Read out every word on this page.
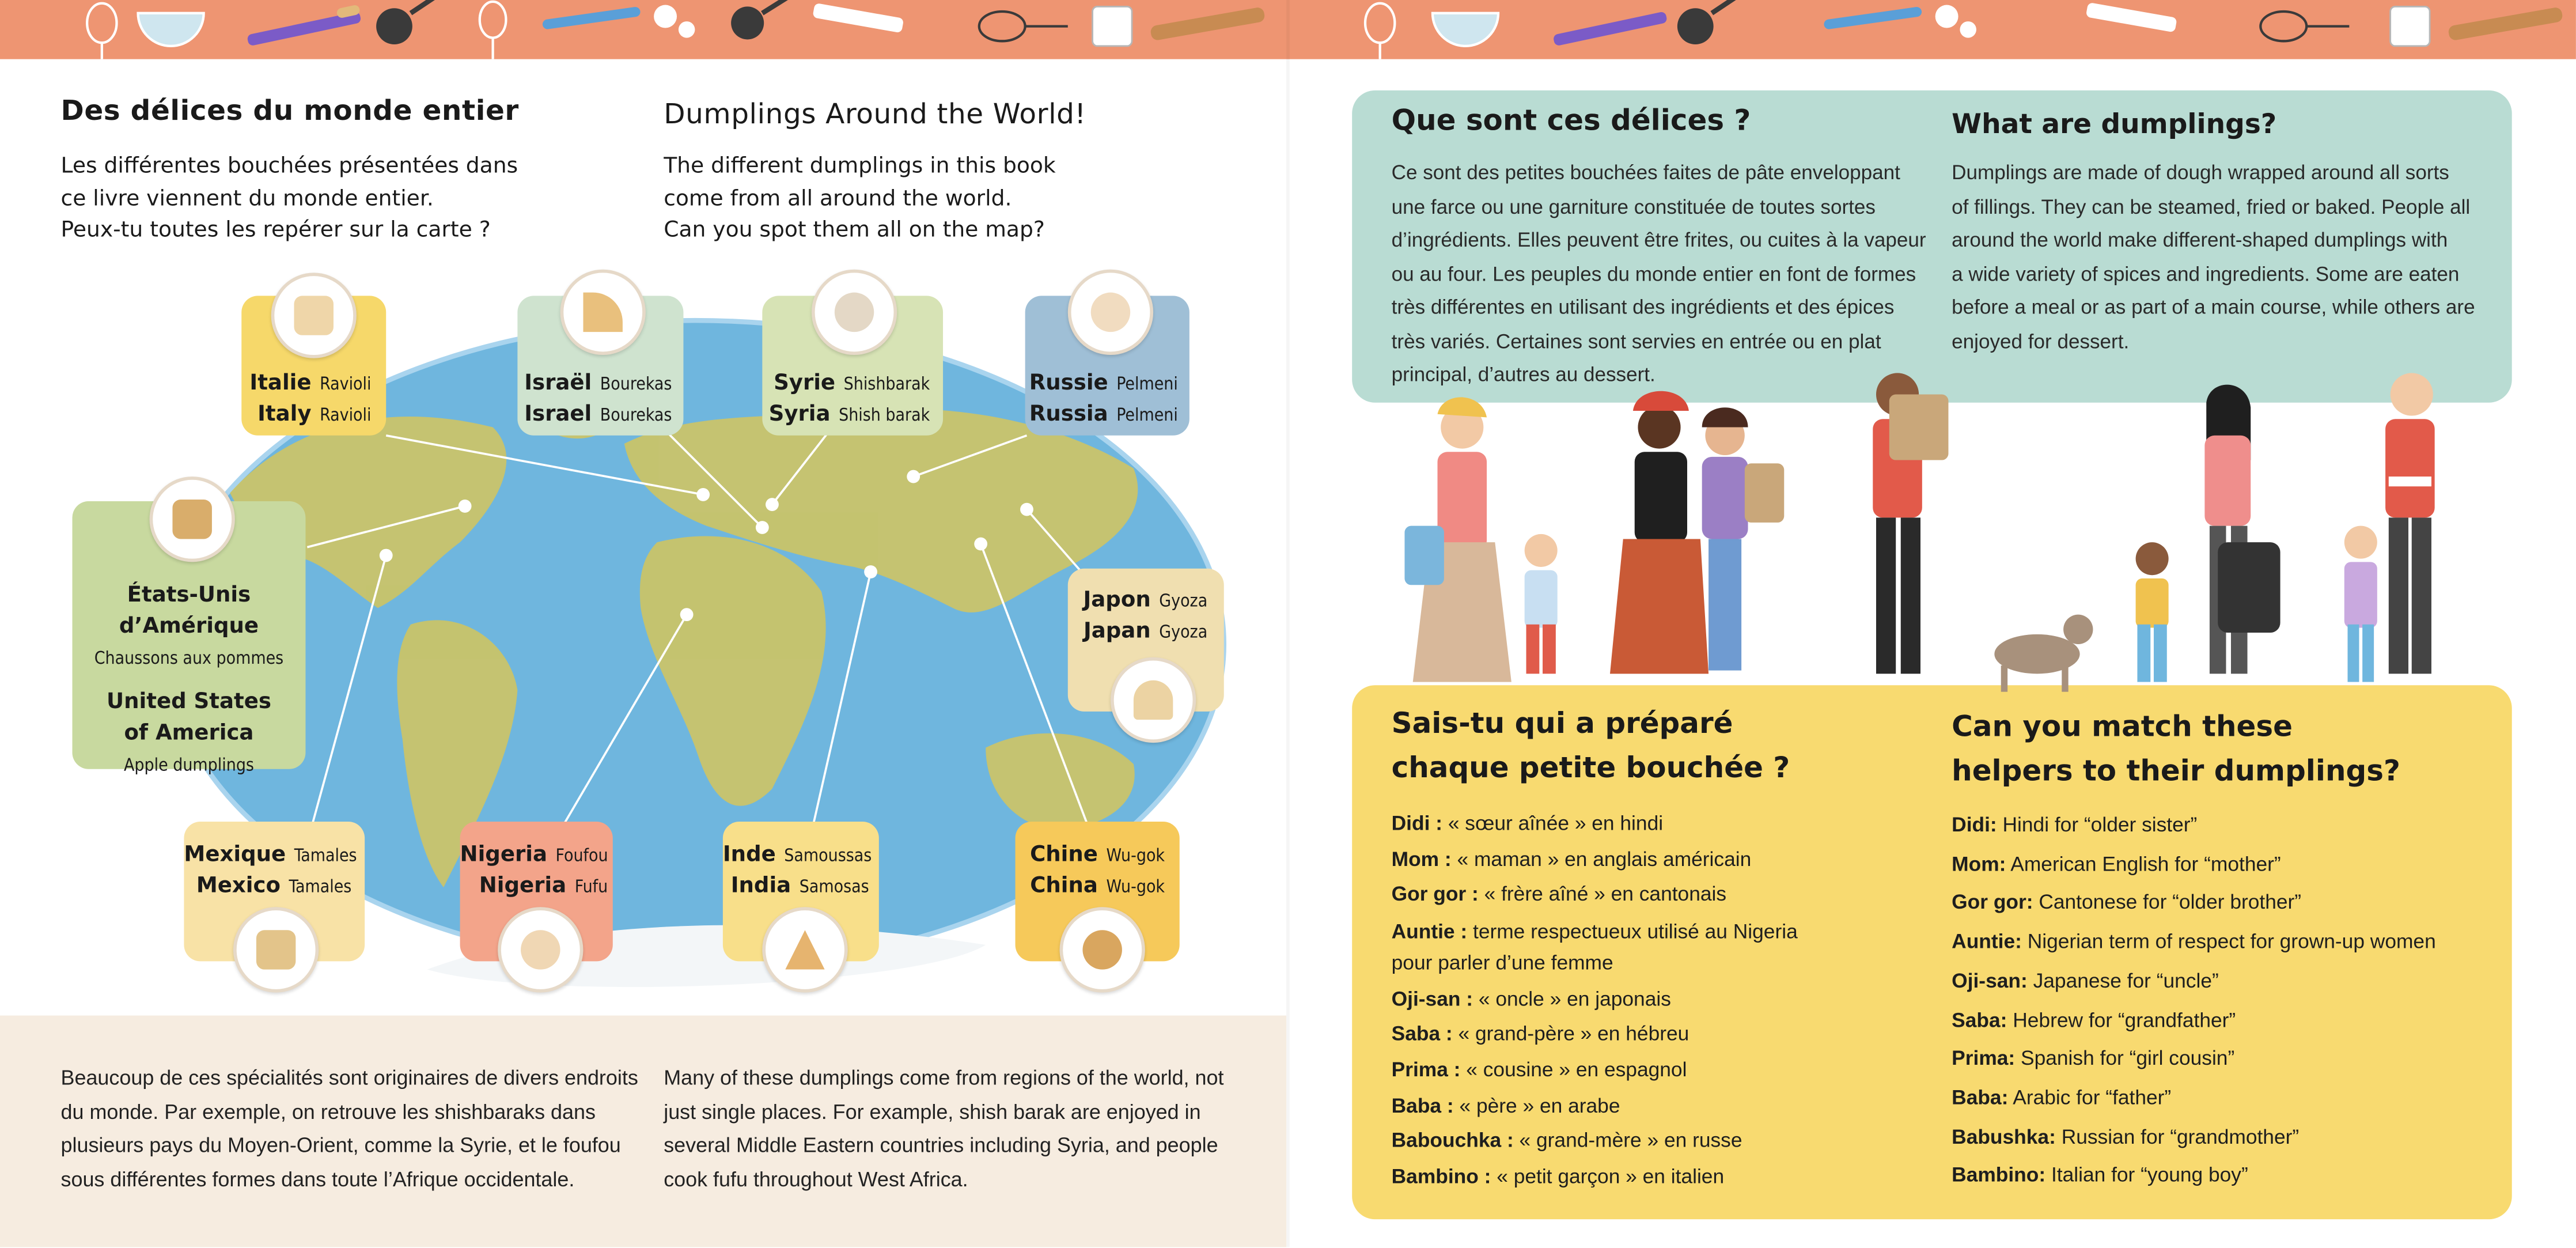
Des délices du monde entier
Les différentes bouchées présentées dans
ce livre viennent du monde entier.
Peux-tu toutes les repérer sur la carte ?
Dumplings Around the World!
The different dumplings in this book
come from all around the world.
Can you spot them all on the map?
Italie Ravioli
Italy Ravioli
Israël Bourekas
Israel Bourekas
Syrie Shishbarak
Syria Shish barak
Russie Pelmeni
Russia Pelmeni
États-Unis
d’Amérique
Chaussons aux pommes
United States
of America
Apple dumplings
Japon Gyoza
Japan Gyoza
Mexique Tamales
Mexico Tamales
Nigeria Foufou
Nigeria Fufu
Inde Samoussas
India Samosas
Chine Wu-gok
China Wu-gok
Beaucoup de ces spécialités sont originaires de divers endroits
du monde. Par exemple, on retrouve les shishbaraks dans
plusieurs pays du Moyen-Orient, comme la Syrie, et le foufou
sous différentes formes dans toute l’Afrique occidentale.
Many of these dumplings come from regions of the world, not
just single places. For example, shish barak are enjoyed in
several Middle Eastern countries including Syria, and people
cook fufu throughout West Africa.
Que sont ces délices ?	What are dumplings?
Ce sont des petites bouchées faites de pâte enveloppant
une farce ou une garniture constituée de toutes sortes
d’ingrédients. Elles peuvent être frites, ou cuites à la vapeur
ou au four. Les peuples du monde entier en font de formes
très différentes en utilisant des ingrédients et des épices
très variés. Certaines sont servies en entrée ou en plat
principal, d’autres au dessert.
Dumplings are made of dough wrapped around all sorts
of fillings. They can be steamed, fried or baked. People all
around the world make different-shaped dumplings with
a wide variety of spices and ingredients. Some are eaten
before a meal or as part of a main course, while others are
enjoyed for dessert.
Sais-tu qui a préparé
chaque petite bouchée ?
Can you match these
helpers to their dumplings?
Didi : « sœur aînée » en hindi
Mom : « maman » en anglais américain
Gor gor : « frère aîné » en cantonais
Auntie : terme respectueux utilisé au Nigeria
pour parler d’une femme
Oji-san : « oncle » en japonais
Saba : « grand-père » en hébreu
Prima : « cousine » en espagnol
Baba : « père » en arabe
Babouchka : « grand-mère » en russe
Bambino : « petit garçon » en italien
Didi: Hindi for “older sister”
Mom: American English for “mother”
Gor gor: Cantonese for “older brother”
Auntie: Nigerian term of respect for grown-up women
Oji-san: Japanese for “uncle”
Saba: Hebrew for “grandfather”
Prima: Spanish for “girl cousin”
Baba: Arabic for “father”
Babushka: Russian for “grandmother”
Bambino: Italian for “young boy”
